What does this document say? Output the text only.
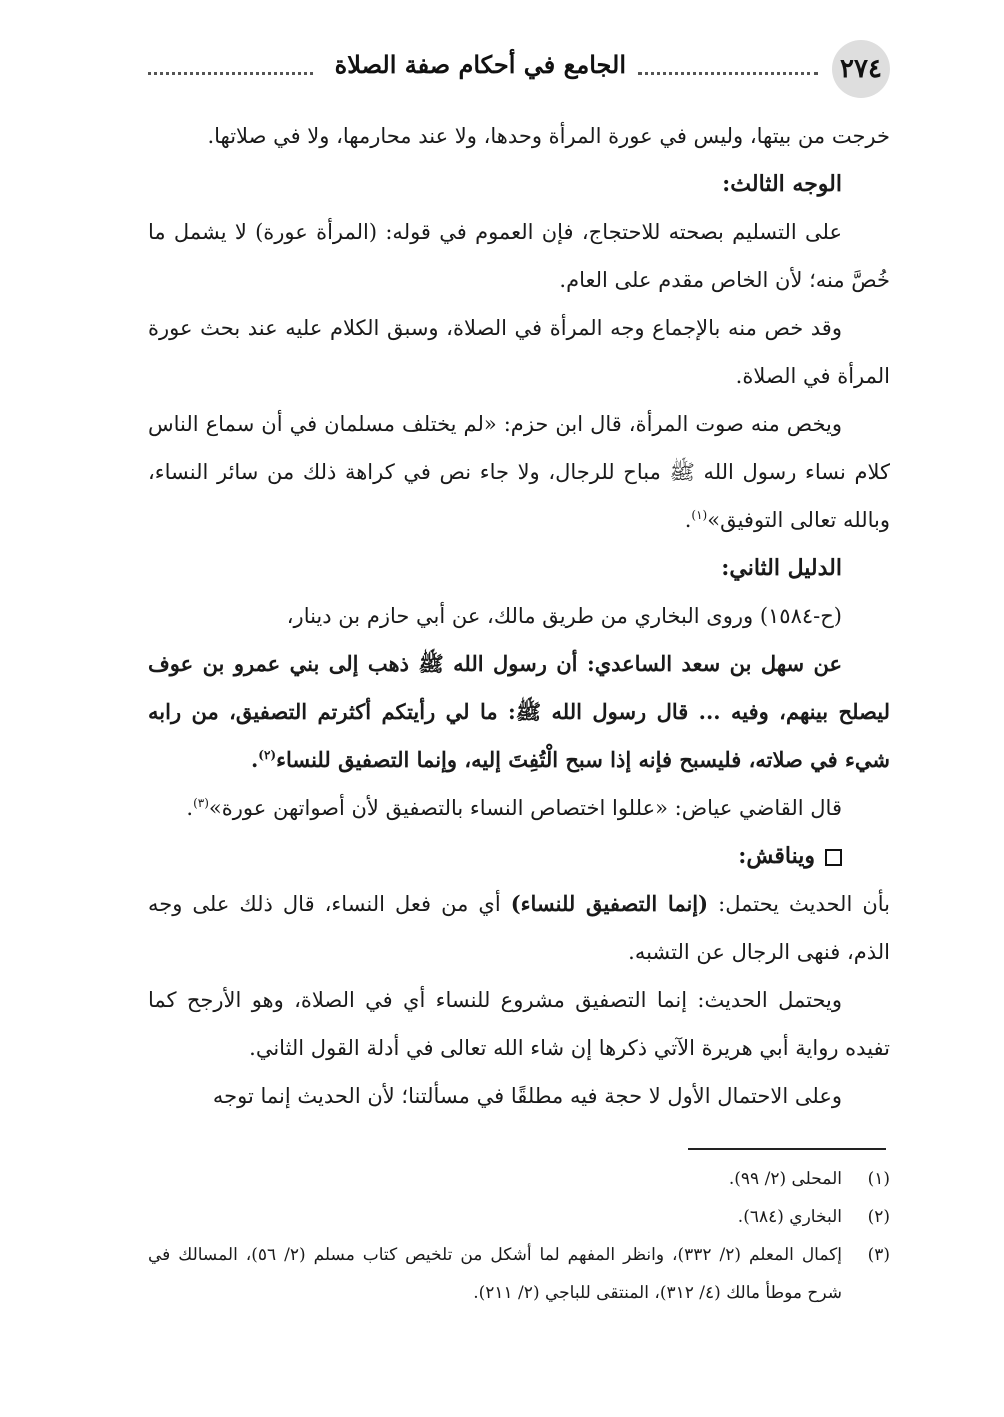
٢٧٤
الجامع في أحكام صفة الصلاة

خرجت من بيتها، وليس في عورة المرأة وحدها، ولا عند محارمها، ولا في صلاتها.

الوجه الثالث:

على التسليم بصحته للاحتجاج، فإن العموم في قوله: (المرأة عورة) لا يشمل ما خُصَّ منه؛ لأن الخاص مقدم على العام.

وقد خص منه بالإجماع وجه المرأة في الصلاة، وسبق الكلام عليه عند بحث عورة المرأة في الصلاة.

ويخص منه صوت المرأة، قال ابن حزم: «لم يختلف مسلمان في أن سماع الناس كلام نساء رسول الله ﷺ مباح للرجال، ولا جاء نص في كراهة ذلك من سائر النساء، وبالله تعالى التوفيق»$^{(١)}$.

الدليل الثاني:

(ح-١٥٨٤) وروى البخاري من طريق مالك، عن أبي حازم بن دينار،

عن سهل بن سعد الساعدي: أن رسول الله ﷺ ذهب إلى بني عمرو بن عوف ليصلح بينهم، وفيه ... قال رسول الله ﷺ: ما لي رأيتكم أكثرتم التصفيق، من رابه شيء في صلاته، فليسبح فإنه إذا سبح الْتُفِتَ إليه، وإنما التصفيق للنساء$^{(٢)}$.

قال القاضي عياض: «عللوا اختصاص النساء بالتصفيق لأن أصواتهن عورة»$^{(٣)}$.

ويناقش:

بأن الحديث يحتمل: (إنما التصفيق للنساء) أي من فعل النساء، قال ذلك على وجه الذم، فنهى الرجال عن التشبه.

ويحتمل الحديث: إنما التصفيق مشروع للنساء أي في الصلاة، وهو الأرجح كما تفيده رواية أبي هريرة الآتي ذكرها إن شاء الله تعالى في أدلة القول الثاني.

وعلى الاحتمال الأول لا حجة فيه مطلقًا في مسألتنا؛ لأن الحديث إنما توجه

(١)
المحلى (٢/ ٩٩).
(٢)
البخاري (٦٨٤).
(٣)
إكمال المعلم (٢/ ٣٣٢)، وانظر المفهم لما أشكل من تلخيص كتاب مسلم (٢/ ٥٦)، المسالك في شرح موطأ مالك (٤/ ٣١٢)، المنتقى للباجي (٢/ ٢١١).
